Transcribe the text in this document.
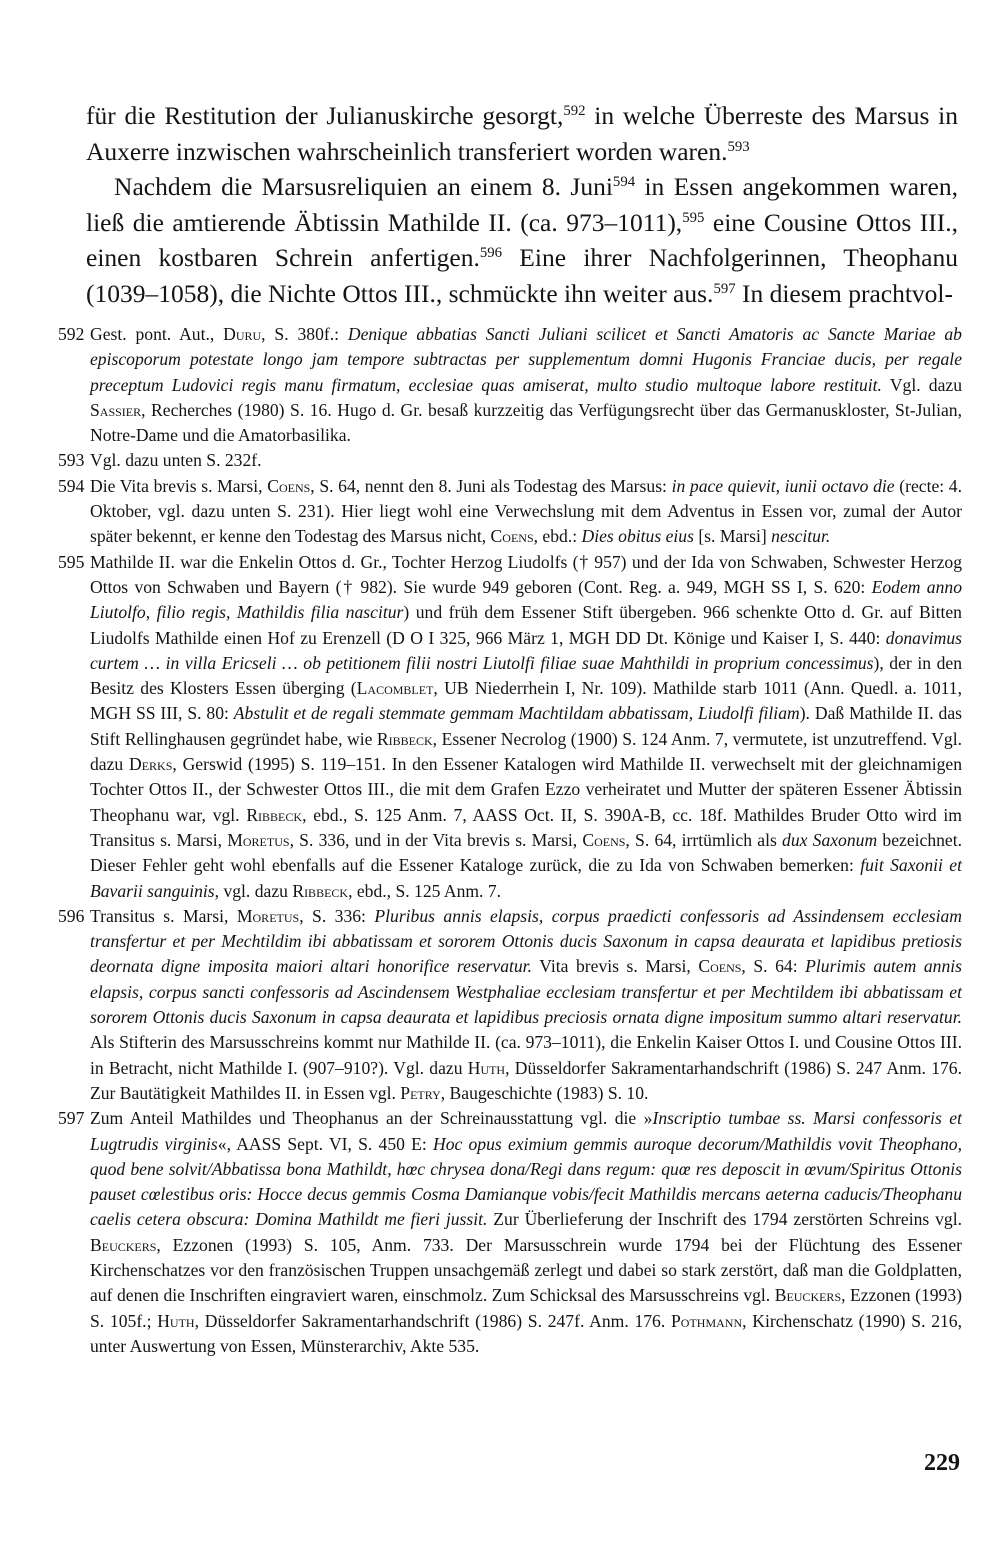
für die Restitution der Julianuskirche gesorgt,$^{592}$ in welche Überreste des Marsus in Auxerre inzwischen wahrscheinlich transferiert worden waren.$^{593}$

Nachdem die Marsusreliquien an einem 8. Juni$^{594}$ in Essen angekommen waren, ließ die amtierende Äbtissin Mathilde II. (ca. 973–1011),$^{595}$ eine Cousine Ottos III., einen kostbaren Schrein anfertigen.$^{596}$ Eine ihrer Nachfolgerinnen, Theophanu (1039–1058), die Nichte Ottos III., schmückte ihn weiter aus.$^{597}$ In diesem prachtvol-

592 Gest. pont. Aut., Duru, S. 380f.: Denique abbatias Sancti Juliani scilicet et Sancti Amatoris ac Sancte Mariae ab episcoporum potestate longo jam tempore subtractas per supplementum domni Hugonis Franciae ducis, per regale preceptum Ludovici regis manu firmatum, ecclesiae quas amiserat, multo studio multoque labore restituit. Vgl. dazu Sassier, Recherches (1980) S. 16. Hugo d. Gr. besaß kurzzeitig das Verfügungsrecht über das Germanuskloster, St-Julian, Notre-Dame und die Amatorbasilika.
593 Vgl. dazu unten S. 232f.
594 Die Vita brevis s. Marsi, Coens, S. 64, nennt den 8. Juni als Todestag des Marsus: in pace quievit, iunii octavo die (recte: 4. Oktober, vgl. dazu unten S. 231). Hier liegt wohl eine Verwechslung mit dem Adventus in Essen vor, zumal der Autor später bekennt, er kenne den Todestag des Marsus nicht, Coens, ebd.: Dies obitus eius [s. Marsi] nescitur.
595 Mathilde II. war die Enkelin Ottos d. Gr., Tochter Herzog Liudolfs († 957) und der Ida von Schwaben, Schwester Herzog Ottos von Schwaben und Bayern († 982). Sie wurde 949 geboren (Cont. Reg. a. 949, MGH SS I, S. 620: Eodem anno Liutolfo, filio regis, Mathildis filia nascitur) und früh dem Essener Stift übergeben. 966 schenkte Otto d. Gr. auf Bitten Liudolfs Mathilde einen Hof zu Erenzell (D O I 325, 966 März 1, MGH DD Dt. Könige und Kaiser I, S. 440: donavimus curtem … in villa Ericseli … ob petitionem filii nostri Liutolfi filiae suae Mahthildi in proprium concessimus), der in den Besitz des Klosters Essen überging (Lacomblet, UB Niederrhein I, Nr. 109). Mathilde starb 1011 (Ann. Quedl. a. 1011, MGH SS III, S. 80: Abstulit et de regali stemmate gemmam Machtildam abbatissam, Liudolfi filiam). Daß Mathilde II. das Stift Rellinghausen gegründet habe, wie Ribbeck, Essener Necrolog (1900) S. 124 Anm. 7, vermutete, ist unzutreffend. Vgl. dazu Derks, Gerswid (1995) S. 119–151. In den Essener Katalogen wird Mathilde II. verwechselt mit der gleichnamigen Tochter Ottos II., der Schwester Ottos III., die mit dem Grafen Ezzo verheiratet und Mutter der späteren Essener Äbtissin Theophanu war, vgl. Ribbeck, ebd., S. 125 Anm. 7, AASS Oct. II, S. 390A-B, cc. 18f. Mathildes Bruder Otto wird im Transitus s. Marsi, Moretus, S. 336, und in der Vita brevis s. Marsi, Coens, S. 64, irrtümlich als dux Saxonum bezeichnet. Dieser Fehler geht wohl ebenfalls auf die Essener Kataloge zurück, die zu Ida von Schwaben bemerken: fuit Saxonii et Bavarii sanguinis, vgl. dazu Ribbeck, ebd., S. 125 Anm. 7.
596 Transitus s. Marsi, Moretus, S. 336: Pluribus annis elapsis, corpus praedicti confessoris ad Assindensem ecclesiam transfertur et per Mechtildim ibi abbatissam et sororem Ottonis ducis Saxonum in capsa deaurata et lapidibus pretiosis deornata digne imposita maiori altari honorifice reservatur. Vita brevis s. Marsi, Coens, S. 64: Plurimis autem annis elapsis, corpus sancti confessoris ad Ascindensem Westphaliae ecclesiam transfertur et per Mechtildem ibi abbatissam et sororem Ottonis ducis Saxonum in capsa deaurata et lapidibus preciosis ornata digne impositum summo altari reservatur. Als Stifterin des Marsusschreins kommt nur Mathilde II. (ca. 973–1011), die Enkelin Kaiser Ottos I. und Cousine Ottos III. in Betracht, nicht Mathilde I. (907–910?). Vgl. dazu Huth, Düsseldorfer Sakramentarhandschrift (1986) S. 247 Anm. 176. Zur Bautätigkeit Mathildes II. in Essen vgl. Petry, Baugeschichte (1983) S. 10.
597 Zum Anteil Mathildes und Theophanus an der Schreinausstattung vgl. die »Inscriptio tumbae ss. Marsi confessoris et Lugtrudis virginis«, AASS Sept. VI, S. 450 E: Hoc opus eximium gemmis auroque decorum/Mathildis vovit Theophano, quod bene solvit/Abbatissa bona Mathildt, hœc chrysea dona/Regi dans regum: quœ res deposcit in œvum/Spiritus Ottonis pauset cœlestibus oris: Hocce decus gemmis Cosma Damianque vobis/fecit Mathildis mercans aeterna caducis/Theophanu caelis cetera obscura: Domina Mathildt me fieri jussit. Zur Überlieferung der Inschrift des 1794 zerstörten Schreins vgl. Beuckers, Ezzonen (1993) S. 105, Anm. 733. Der Marsusschrein wurde 1794 bei der Flüchtung des Essener Kirchenschatzes vor den französischen Truppen unsachgemäß zerlegt und dabei so stark zerstört, daß man die Goldplatten, auf denen die Inschriften eingraviert waren, einschmolz. Zum Schicksal des Marsusschreins vgl. Beuckers, Ezzonen (1993) S. 105f.; Huth, Düsseldorfer Sakramentarhandschrift (1986) S. 247f. Anm. 176. Pothmann, Kirchenschatz (1990) S. 216, unter Auswertung von Essen, Münsterarchiv, Akte 535.
229
